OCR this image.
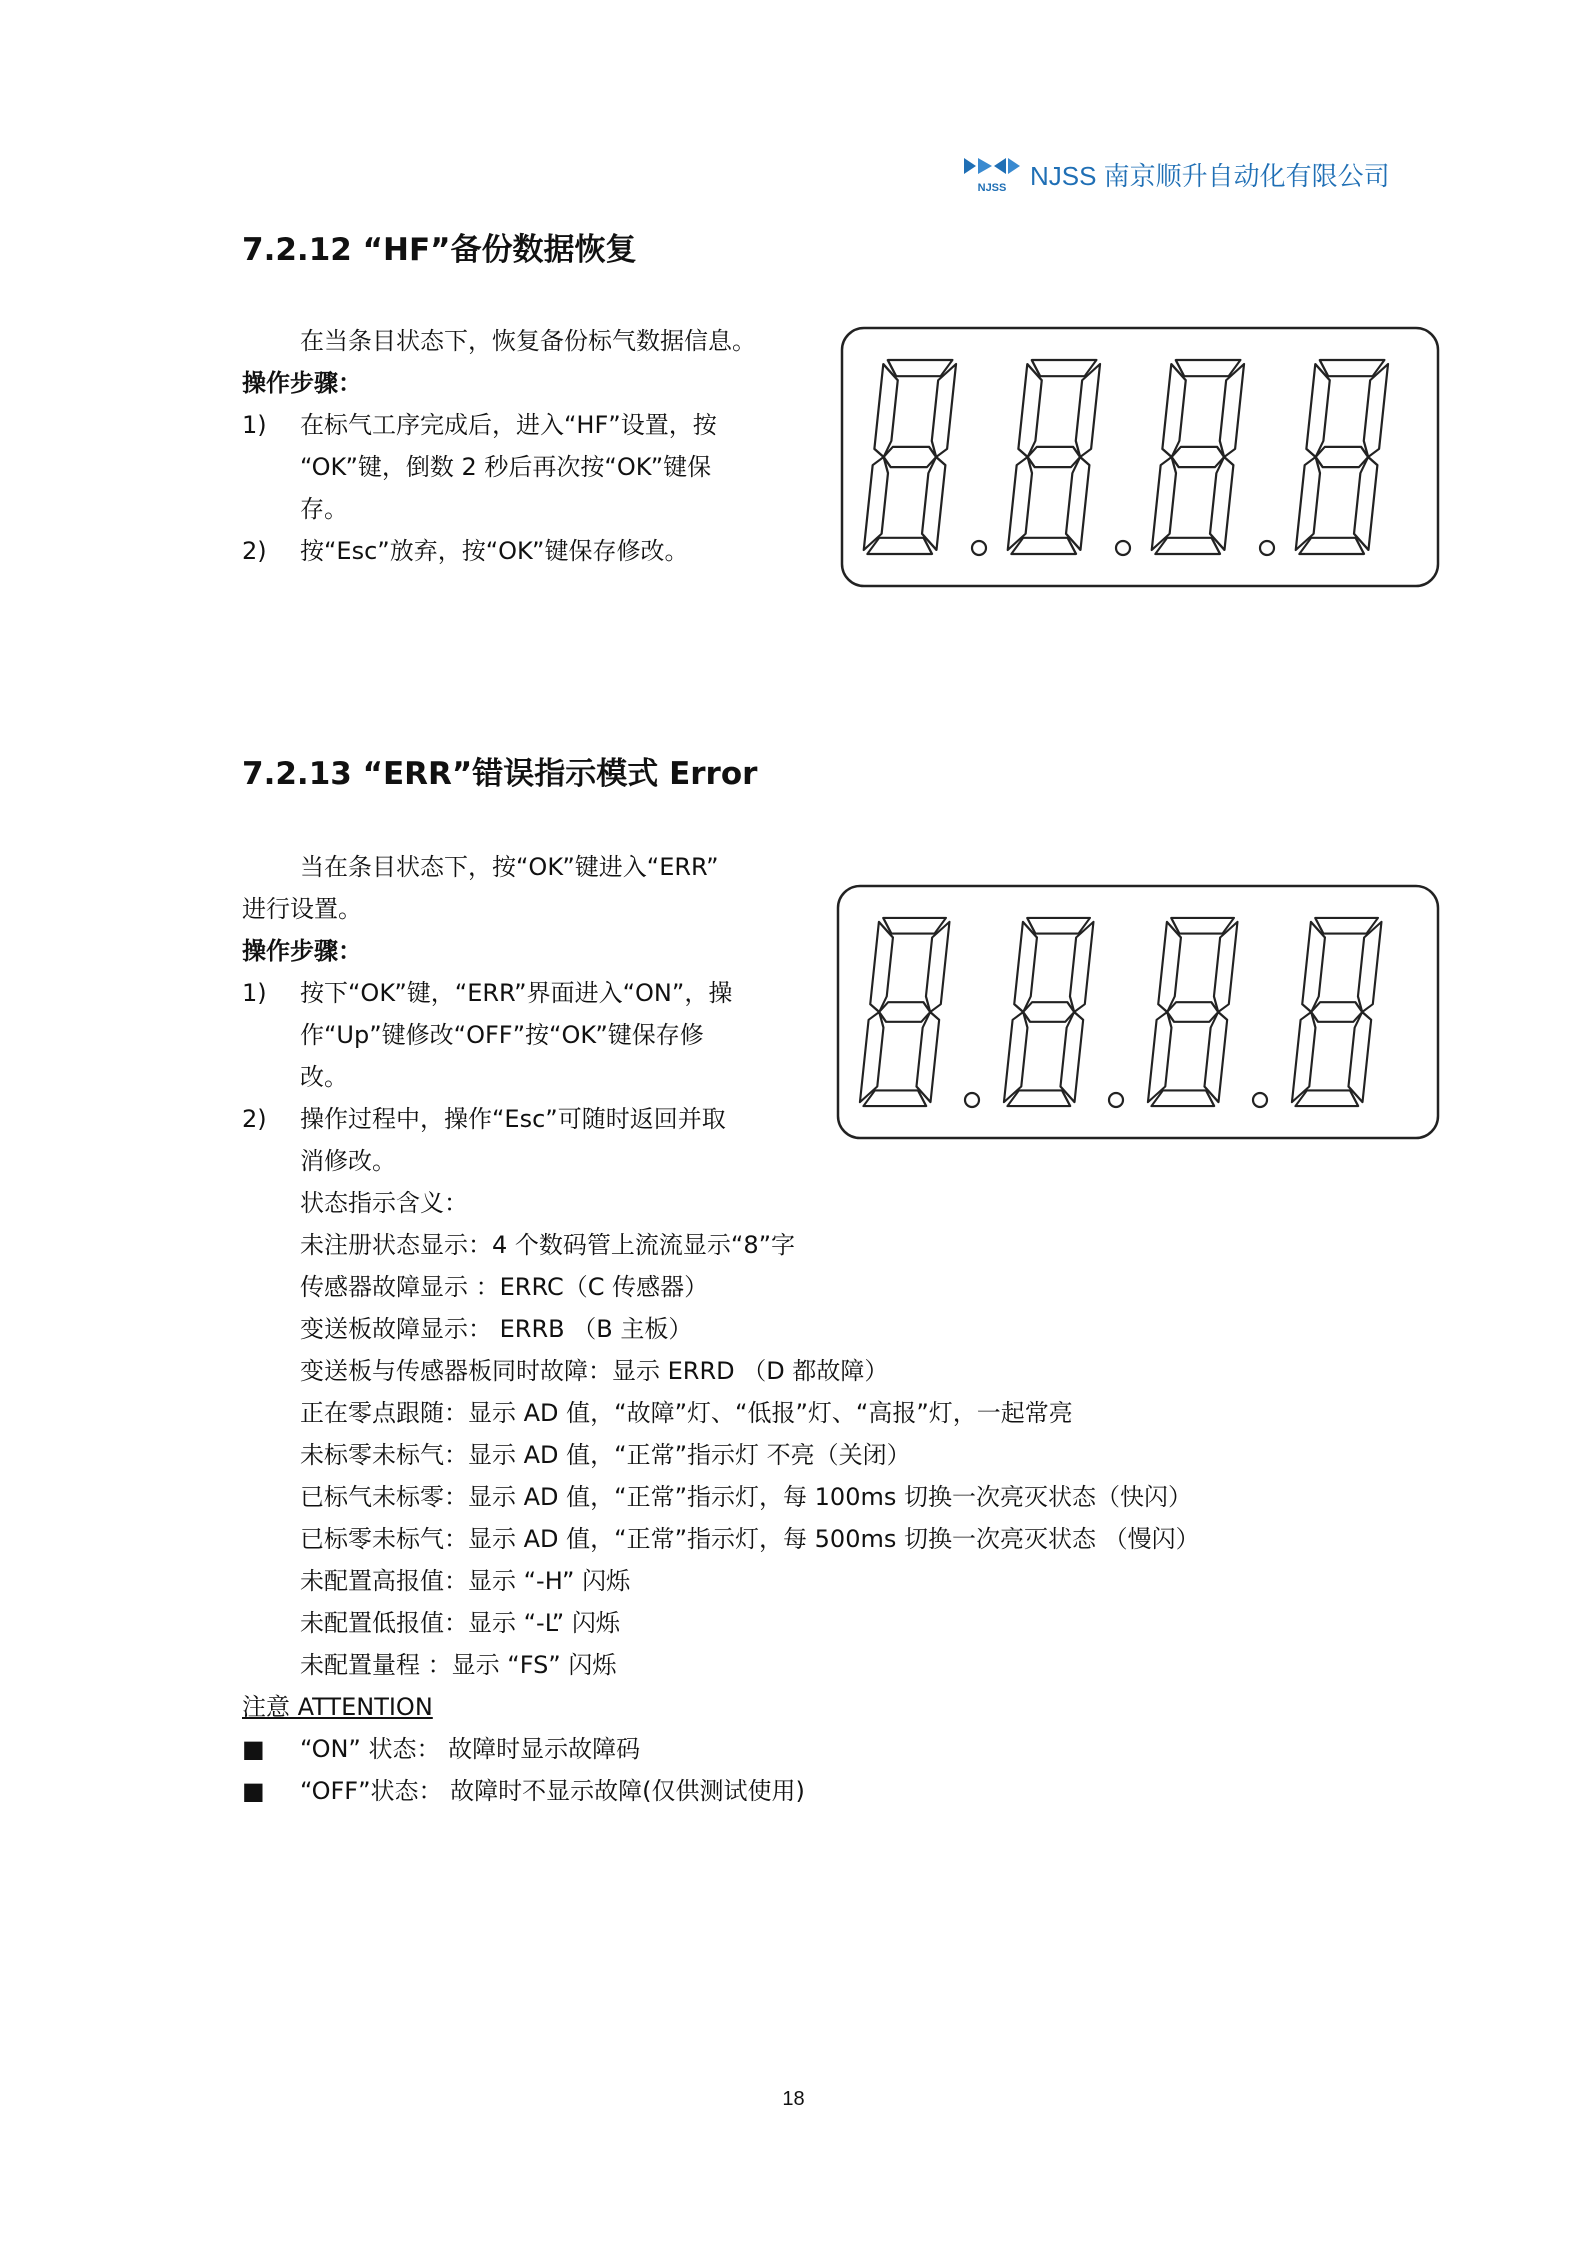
NJSS NJSS 南京顺升自动化有限公司
7.2.12 “HF”备份数据恢复
在当条目状态下，恢复备份标气数据信息。
操作步骤：
1) 在标气工序完成后，进入“HF”设置，按
“OK”键，倒数 2 秒后再次按“OK”键保
存。
2) 按“Esc”放弃，按“OK”键保存修改。
7.2.13 “ERR”错误指示模式 Error
当在条目状态下，按“OK”键进入“ERR”
进行设置。
操作步骤：
1) 按下“OK”键，“ERR”界面进入“ON”，操
作“Up”键修改“OFF”按“OK”键保存修
改。
2) 操作过程中，操作“Esc”可随时返回并取
消修改。
状态指示含义：
未注册状态显示：4 个数码管上流流显示“8”字
传感器故障显示 ：ERRC（C 传感器）
变送板故障显示： ERRB （B 主板）
变送板与传感器板同时故障：显示 ERRD （D 都故障）
正在零点跟随：显示 AD 值，“故障”灯、“低报”灯、“高报”灯，一起常亮
未标零未标气：显示 AD 值，“正常”指示灯 不亮（关闭）
已标气未标零：显示 AD 值，“正常”指示灯，每 100ms 切换一次亮灭状态（快闪）
已标零未标气：显示 AD 值，“正常”指示灯，每 500ms 切换一次亮灭状态 （慢闪）
未配置高报值：显示 “-H” 闪烁
未配置低报值：显示 “-L” 闪烁
未配置量程 ：显示 “FS” 闪烁
注意 ATTENTION
■ “ON” 状态： 故障时显示故障码
■ “OFF”状态： 故障时不显示故障(仅供测试使用)
18
